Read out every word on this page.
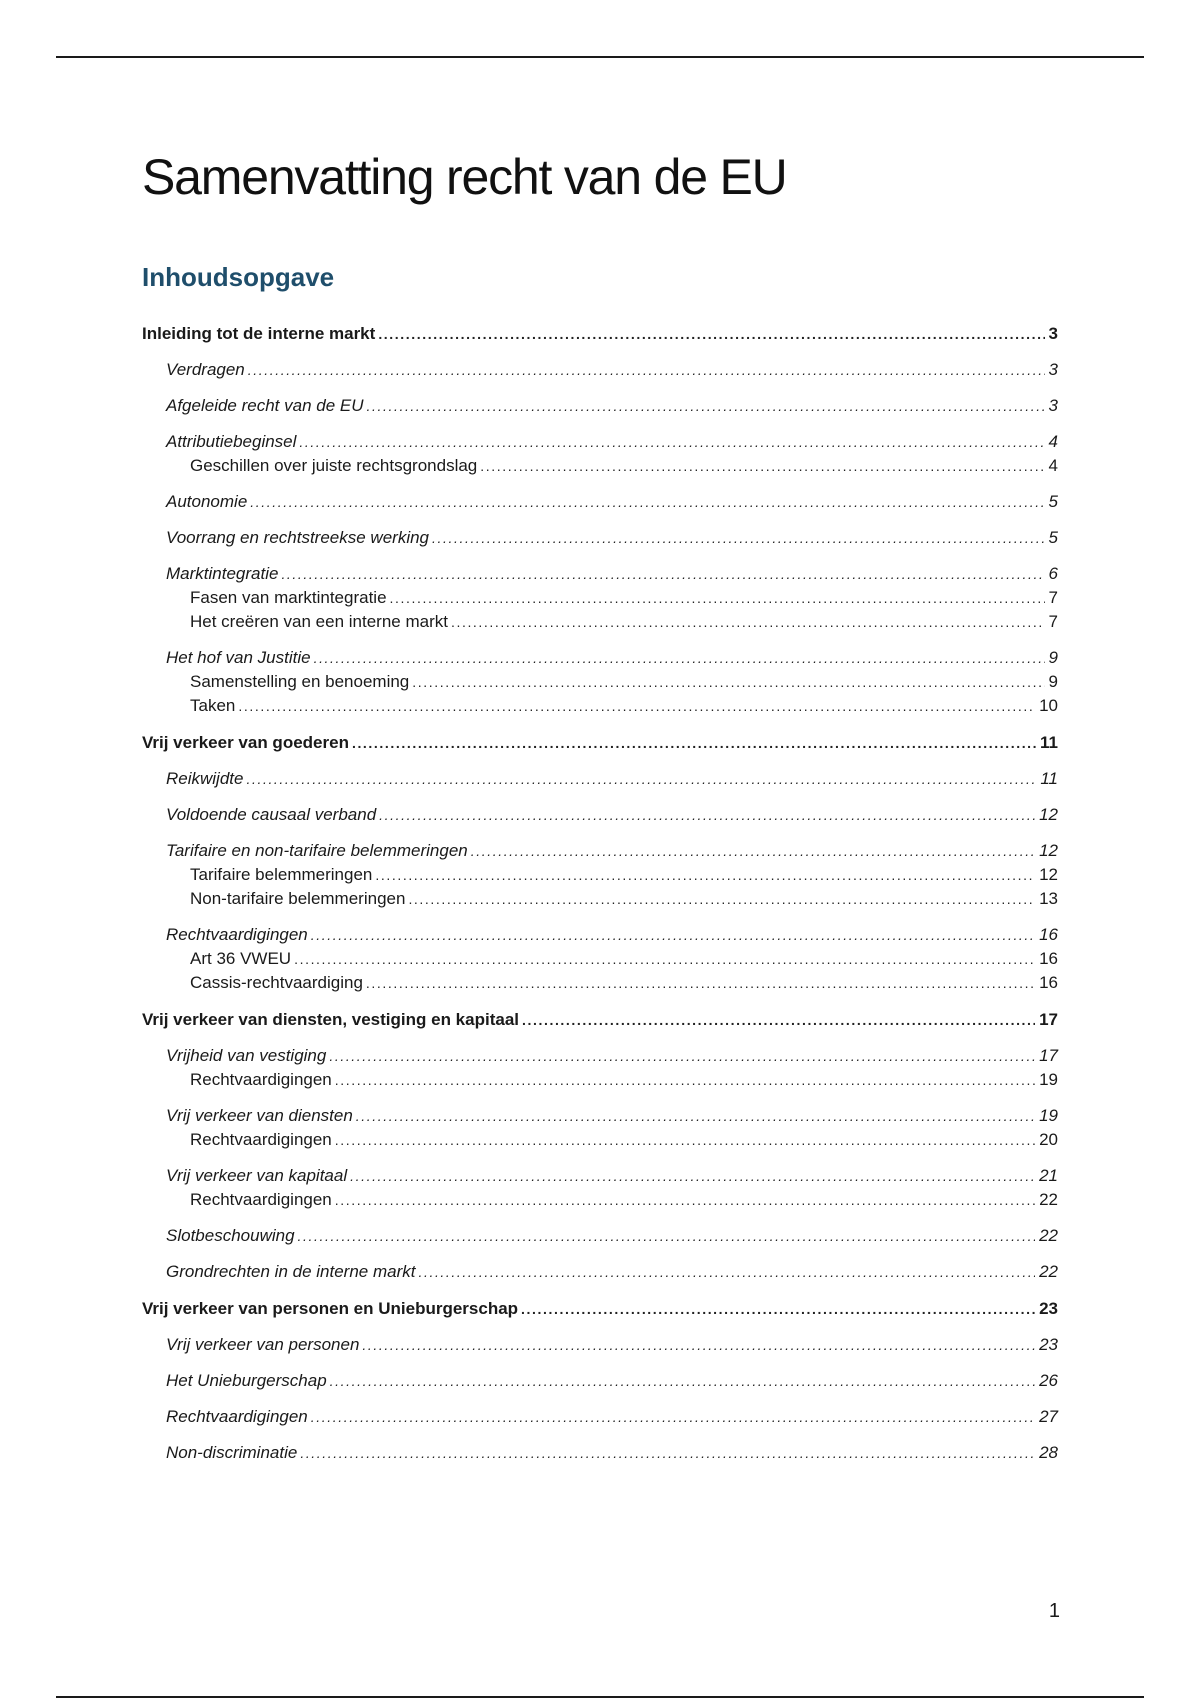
Samenvatting recht van de EU
Inhoudsopgave
Inleiding tot de interne markt .....	3
Verdragen .....	3
Afgeleide recht van de EU .....	3
Attributiebeginsel .....	4
Geschillen over juiste rechtsgrondslag .....	4
Autonomie .....	5
Voorrang en rechtstreekse werking .....	5
Marktintegratie .....	6
Fasen van marktintegratie .....	7
Het creëren van een interne markt .....	7
Het hof van Justitie .....	9
Samenstelling en benoeming .....	9
Taken .....	10
Vrij verkeer van goederen .....	11
Reikwijdte .....	11
Voldoende causaal verband .....	12
Tarifaire en non-tarifaire belemmeringen .....	12
Tarifaire belemmeringen .....	12
Non-tarifaire belemmeringen .....	13
Rechtvaardigingen .....	16
Art 36 VWEU .....	16
Cassis-rechtvaardiging .....	16
Vrij verkeer van diensten, vestiging en kapitaal .....	17
Vrijheid van vestiging .....	17
Rechtvaardigingen .....	19
Vrij verkeer van diensten .....	19
Rechtvaardigingen .....	20
Vrij verkeer van kapitaal .....	21
Rechtvaardigingen .....	22
Slotbeschouwing .....	22
Grondrechten in de interne markt .....	22
Vrij verkeer van personen en Unieburgerschap .....	23
Vrij verkeer van personen .....	23
Het Unieburgerschap .....	26
Rechtvaardigingen .....	27
Non-discriminatie .....	28
1
